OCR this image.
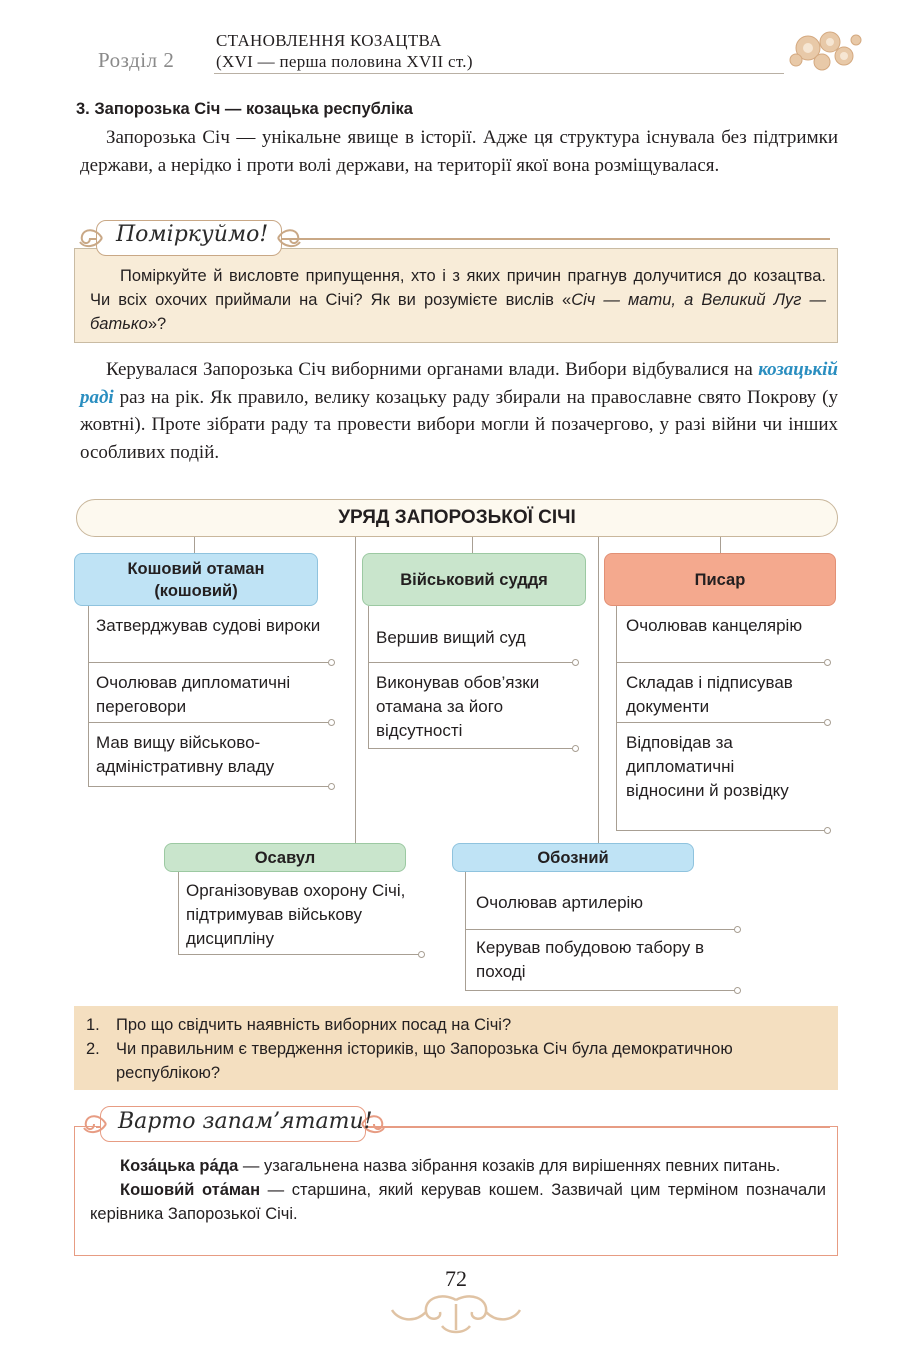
Розділ 2
СТАНОВЛЕННЯ КОЗАЦТВА
(XVI — перша половина XVII ст.)
3. Запорозька Січ — козацька республіка
Запорозька Січ — унікальне явище в історії. Адже ця структура існувала без підтримки держави, а нерідко і проти волі держави, на території якої вона розміщувалася.
Поміркуймо!
Поміркуйте й висловте припущення, хто і з яких причин прагнув долучитися до козацтва. Чи всіх охочих приймали на Січі? Як ви розумієте вислів «Січ — мати, а Великий Луг — батько»?
Керувалася Запорозька Січ виборними органами влади. Вибори відбувалися на козацькій раді раз на рік. Як правило, велику козацьку раду збирали на православне свято Покрову (у жовтні). Проте зібрати раду та провести вибори могли й позачергово, у разі війни чи інших особливих подій.
УРЯД ЗАПОРОЗЬКОЇ СІЧІ
Кошовий отаман
(кошовий)
Затверджував судові вироки
Очолював дипломатичні переговори
Мав вищу військово-адміністративну владу
Військовий суддя
Вершив вищий суд
Виконував обов’язки отамана за його відсутності
Писар
Очолював канцелярію
Складав і підписував документи
Відповідав за дипломатичні відносини й розвідку
Осавул
Організовував охорону Січі, підтримував військову дисципліну
Обозний
Очолював артилерію
Керував побудовою табору в поході
1. Про що свідчить наявність виборних посад на Січі?
2. Чи правильним є твердження істориків, що Запорозька Січ була демократичною республікою?
Варто запам’ятати!

Коза́цька ра́да — узагальнена назва зібрання козаків для вирішеннях певних питань.

Кошови́й ота́ман — старшина, який керував кошем. Зазвичай цим терміном позначали керівника Запорозької Січі.

72
